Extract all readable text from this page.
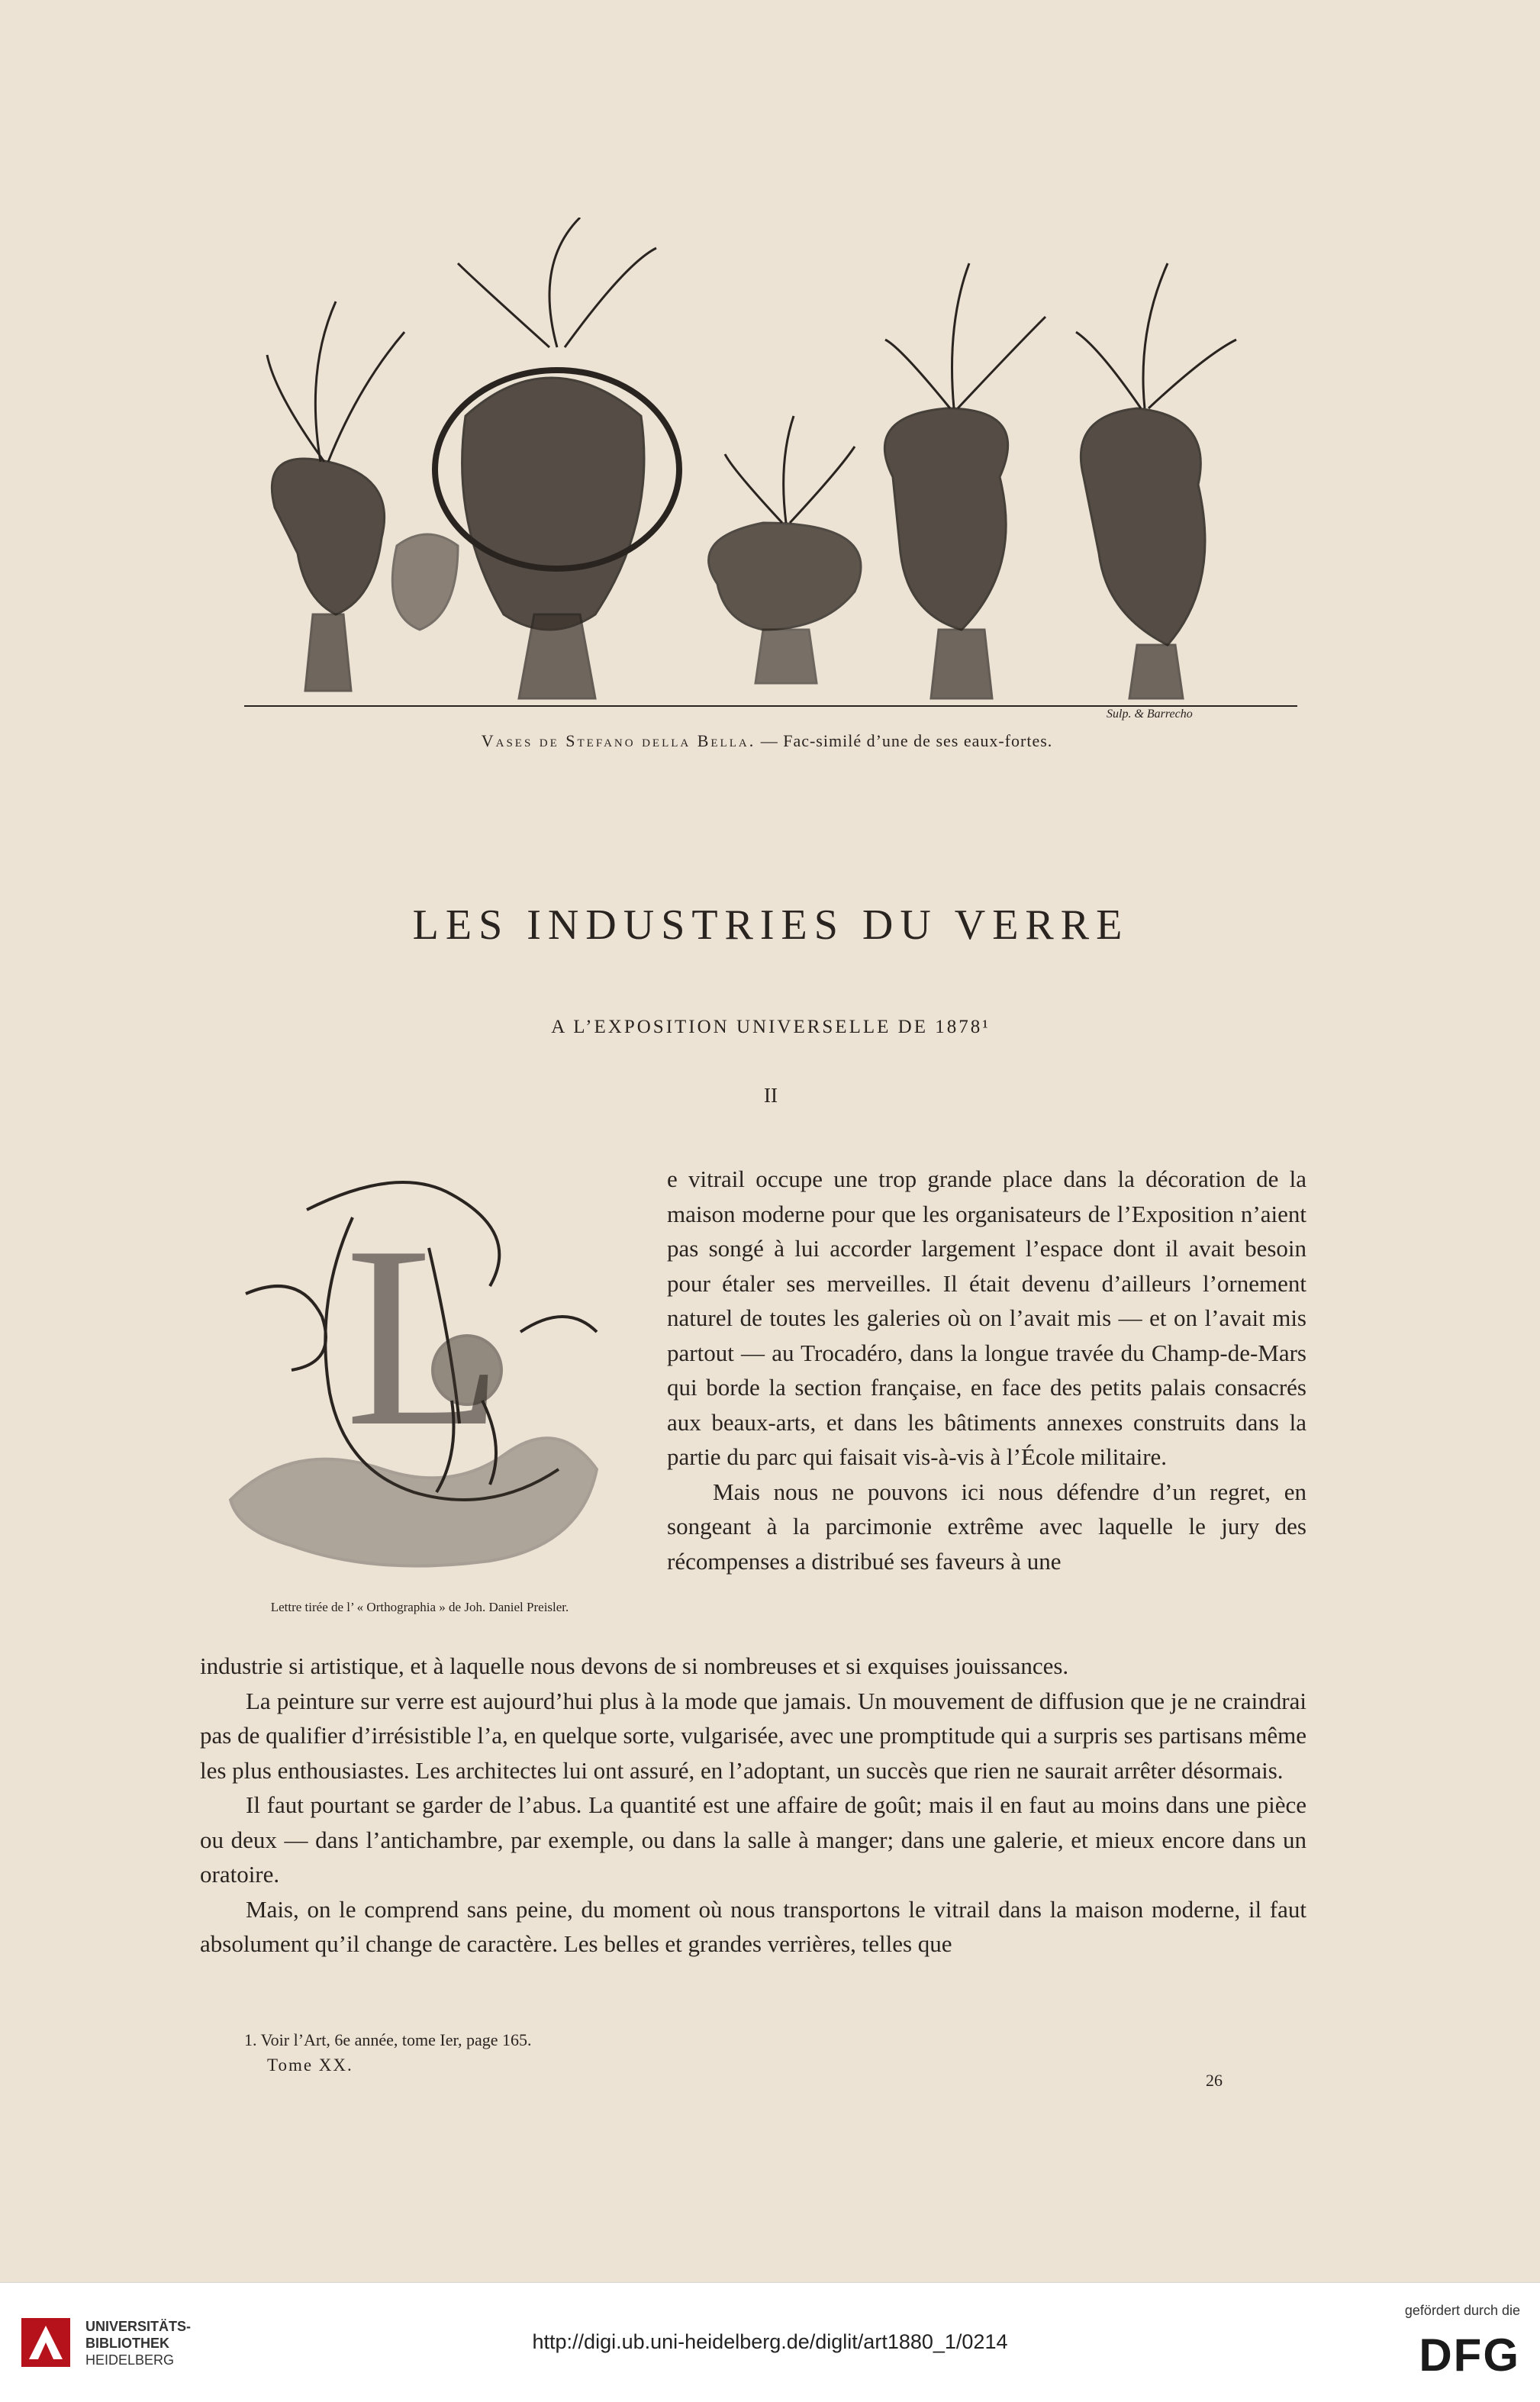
Sulp. & Barrecho
Vases de Stefano della Bella. — Fac-similé d’une de ses eaux-fortes.
LES INDUSTRIES DU VERRE
A L’EXPOSITION UNIVERSELLE DE 1878¹
II
L
Lettre tirée de l’ « Orthographia » de Joh. Daniel Preisler.

e vitrail occupe une trop grande place dans la décoration de la maison moderne pour que les organisateurs de l’Exposition n’aient pas songé à lui accorder largement l’espace dont il avait besoin pour étaler ses merveilles. Il était devenu d’ailleurs l’ornement naturel de toutes les galeries où on l’avait mis — et on l’avait mis partout — au Trocadéro, dans la longue travée du Champ-de-Mars qui borde la section française, en face des petits palais consacrés aux beaux-arts, et dans les bâtiments annexes construits dans la partie du parc qui faisait vis-à-vis à l’École militaire.

Mais nous ne pouvons ici nous défendre d’un regret, en songeant à la parcimonie extrême avec laquelle le jury des récompenses a distribué ses faveurs à une

industrie si artistique, et à laquelle nous devons de si nombreuses et si exquises jouissances.

La peinture sur verre est aujourd’hui plus à la mode que jamais. Un mouvement de diffusion que je ne craindrai pas de qualifier d’irrésistible l’a, en quelque sorte, vulgarisée, avec une promptitude qui a surpris ses partisans même les plus enthousiastes. Les architectes lui ont assuré, en l’adoptant, un succès que rien ne saurait arrêter désormais.

Il faut pourtant se garder de l’abus. La quantité est une affaire de goût; mais il en faut au moins dans une pièce ou deux — dans l’antichambre, par exemple, ou dans la salle à manger; dans une galerie, et mieux encore dans un oratoire.

Mais, on le comprend sans peine, du moment où nous transportons le vitrail dans la maison moderne, il faut absolument qu’il change de caractère. Les belles et grandes verrières, telles que

1. Voir l’Art, 6e année, tome Ier, page 165.
Tome XX.
26
UNIVERSITÄTS-
BIBLIOTHEK
HEIDELBERG
http://digi.ub.uni-heidelberg.de/diglit/art1880_1/0214
gefördert durch die
DFG
